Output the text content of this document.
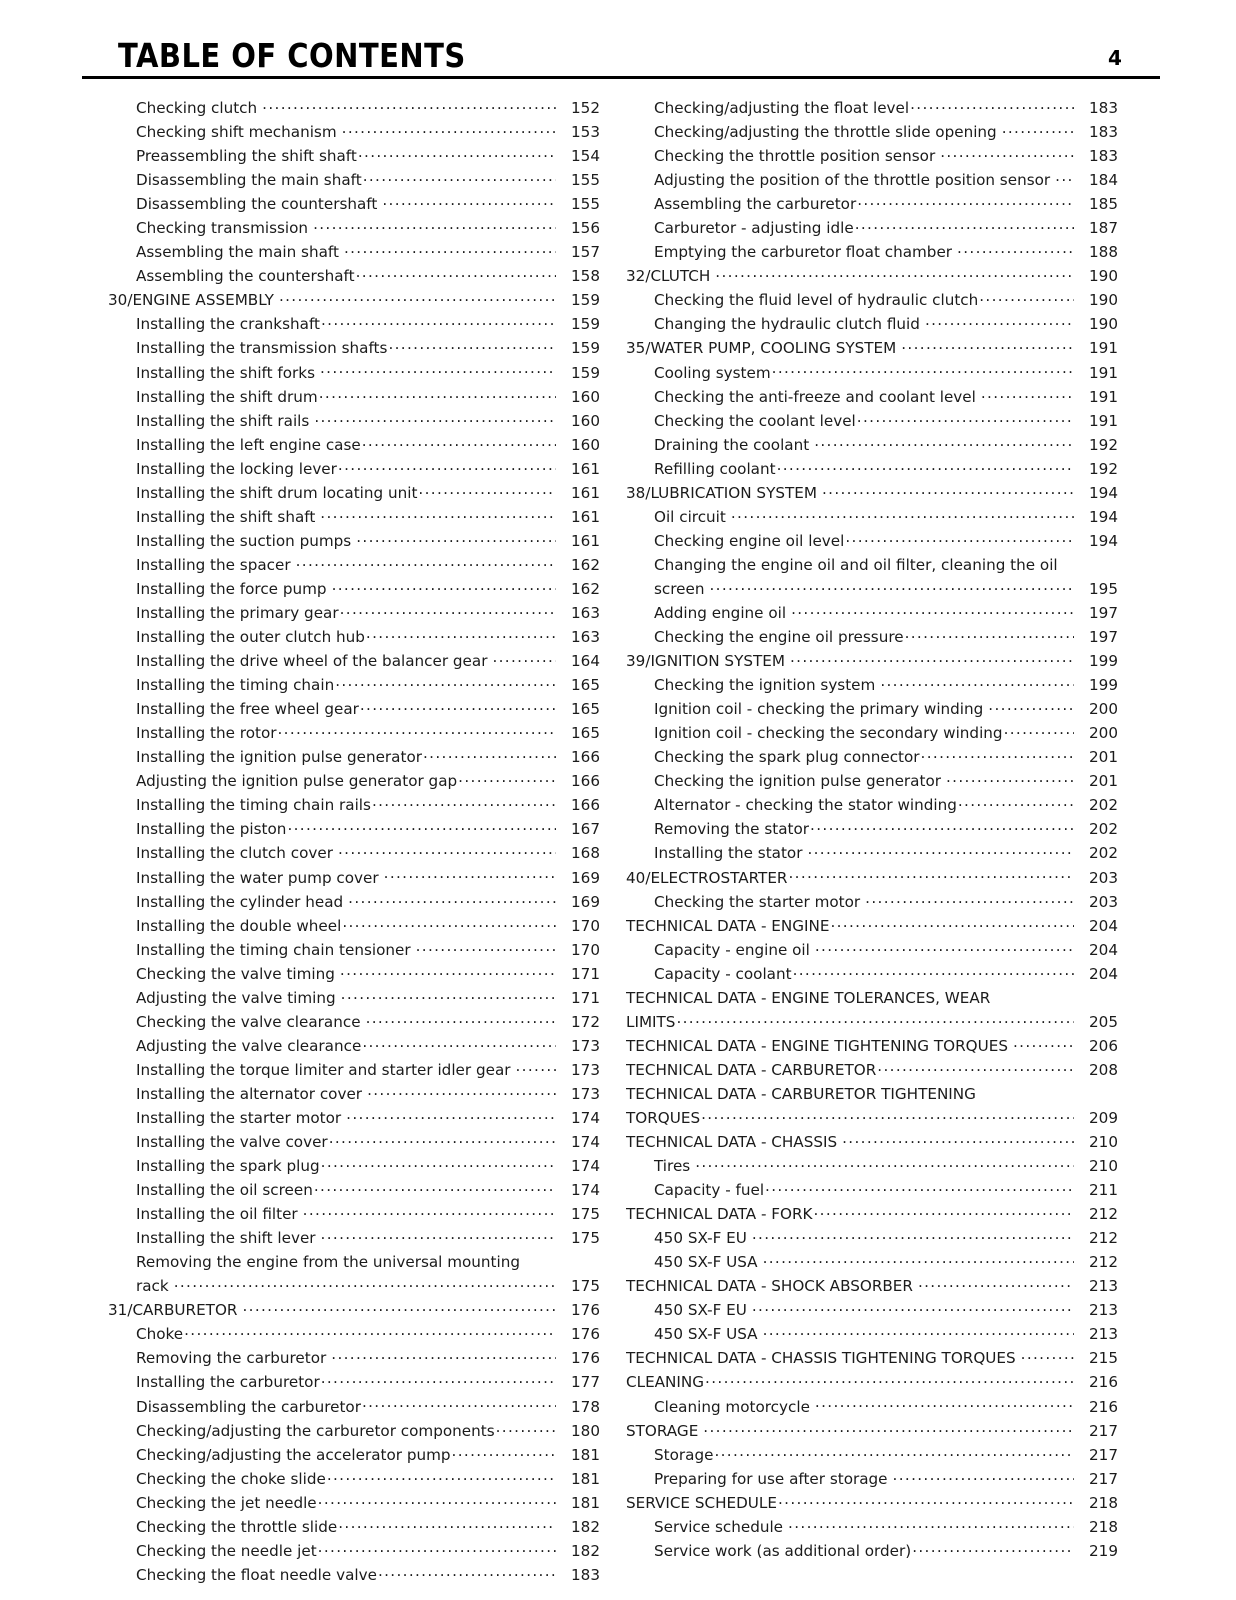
TABLE OF CONTENTS	4
Checking clutch .....	152
Checking shift mechanism .....	153
Preassembling the shift shaft .....	154
Disassembling the main shaft .....	155
Disassembling the countershaft .....	155
Checking transmission .....	156
Assembling the main shaft .....	157
Assembling the countershaft .....	158
30/ENGINE ASSEMBLY .....	159
Installing the crankshaft .....	159
Installing the transmission shafts .....	159
Installing the shift forks .....	159
Installing the shift drum .....	160
Installing the shift rails .....	160
Installing the left engine case .....	160
Installing the locking lever .....	161
Installing the shift drum locating unit .....	161
Installing the shift shaft .....	161
Installing the suction pumps .....	161
Installing the spacer .....	162
Installing the force pump .....	162
Installing the primary gear .....	163
Installing the outer clutch hub .....	163
Installing the drive wheel of the balancer gear .....	164
Installing the timing chain .....	165
Installing the free wheel gear .....	165
Installing the rotor .....	165
Installing the ignition pulse generator .....	166
Adjusting the ignition pulse generator gap .....	166
Installing the timing chain rails .....	166
Installing the piston .....	167
Installing the clutch cover .....	168
Installing the water pump cover .....	169
Installing the cylinder head .....	169
Installing the double wheel .....	170
Installing the timing chain tensioner .....	170
Checking the valve timing .....	171
Adjusting the valve timing .....	171
Checking the valve clearance .....	172
Adjusting the valve clearance .....	173
Installing the torque limiter and starter idler gear .....	173
Installing the alternator cover .....	173
Installing the starter motor .....	174
Installing the valve cover .....	174
Installing the spark plug .....	174
Installing the oil screen .....	174
Installing the oil filter .....	175
Installing the shift lever .....	175
Removing the engine from the universal mounting
rack .....	175
31/CARBURETOR .....	176
Choke .....	176
Removing the carburetor .....	176
Installing the carburetor .....	177
Disassembling the carburetor .....	178
Checking/adjusting the carburetor components .....	180
Checking/adjusting the accelerator pump .....	181
Checking the choke slide .....	181
Checking the jet needle .....	181
Checking the throttle slide .....	182
Checking the needle jet .....	182
Checking the float needle valve .....	183
Checking/adjusting the float level .....	183
Checking/adjusting the throttle slide opening .....	183
Checking the throttle position sensor .....	183
Adjusting the position of the throttle position sensor .....	184
Assembling the carburetor .....	185
Carburetor - adjusting idle .....	187
Emptying the carburetor float chamber .....	188
32/CLUTCH .....	190
Checking the fluid level of hydraulic clutch .....	190
Changing the hydraulic clutch fluid .....	190
35/WATER PUMP, COOLING SYSTEM .....	191
Cooling system .....	191
Checking the anti-freeze and coolant level .....	191
Checking the coolant level .....	191
Draining the coolant .....	192
Refilling coolant .....	192
38/LUBRICATION SYSTEM .....	194
Oil circuit .....	194
Checking engine oil level .....	194
Changing the engine oil and oil filter, cleaning the oil
screen .....	195
Adding engine oil .....	197
Checking the engine oil pressure .....	197
39/IGNITION SYSTEM .....	199
Checking the ignition system .....	199
Ignition coil - checking the primary winding .....	200
Ignition coil - checking the secondary winding .....	200
Checking the spark plug connector .....	201
Checking the ignition pulse generator .....	201
Alternator - checking the stator winding .....	202
Removing the stator .....	202
Installing the stator .....	202
40/ELECTROSTARTER .....	203
Checking the starter motor .....	203
TECHNICAL DATA - ENGINE .....	204
Capacity - engine oil .....	204
Capacity - coolant .....	204
TECHNICAL DATA - ENGINE TOLERANCES, WEAR
LIMITS .....	205
TECHNICAL DATA - ENGINE TIGHTENING TORQUES .....	206
TECHNICAL DATA - CARBURETOR .....	208
TECHNICAL DATA - CARBURETOR TIGHTENING
TORQUES .....	209
TECHNICAL DATA - CHASSIS .....	210
Tires .....	210
Capacity - fuel .....	211
TECHNICAL DATA - FORK .....	212
450 SX-F EU .....	212
450 SX-F USA .....	212
TECHNICAL DATA - SHOCK ABSORBER .....	213
450 SX-F EU .....	213
450 SX-F USA .....	213
TECHNICAL DATA - CHASSIS TIGHTENING TORQUES .....	215
CLEANING .....	216
Cleaning motorcycle .....	216
STORAGE .....	217
Storage .....	217
Preparing for use after storage .....	217
SERVICE SCHEDULE .....	218
Service schedule .....	218
Service work (as additional order) .....	219
